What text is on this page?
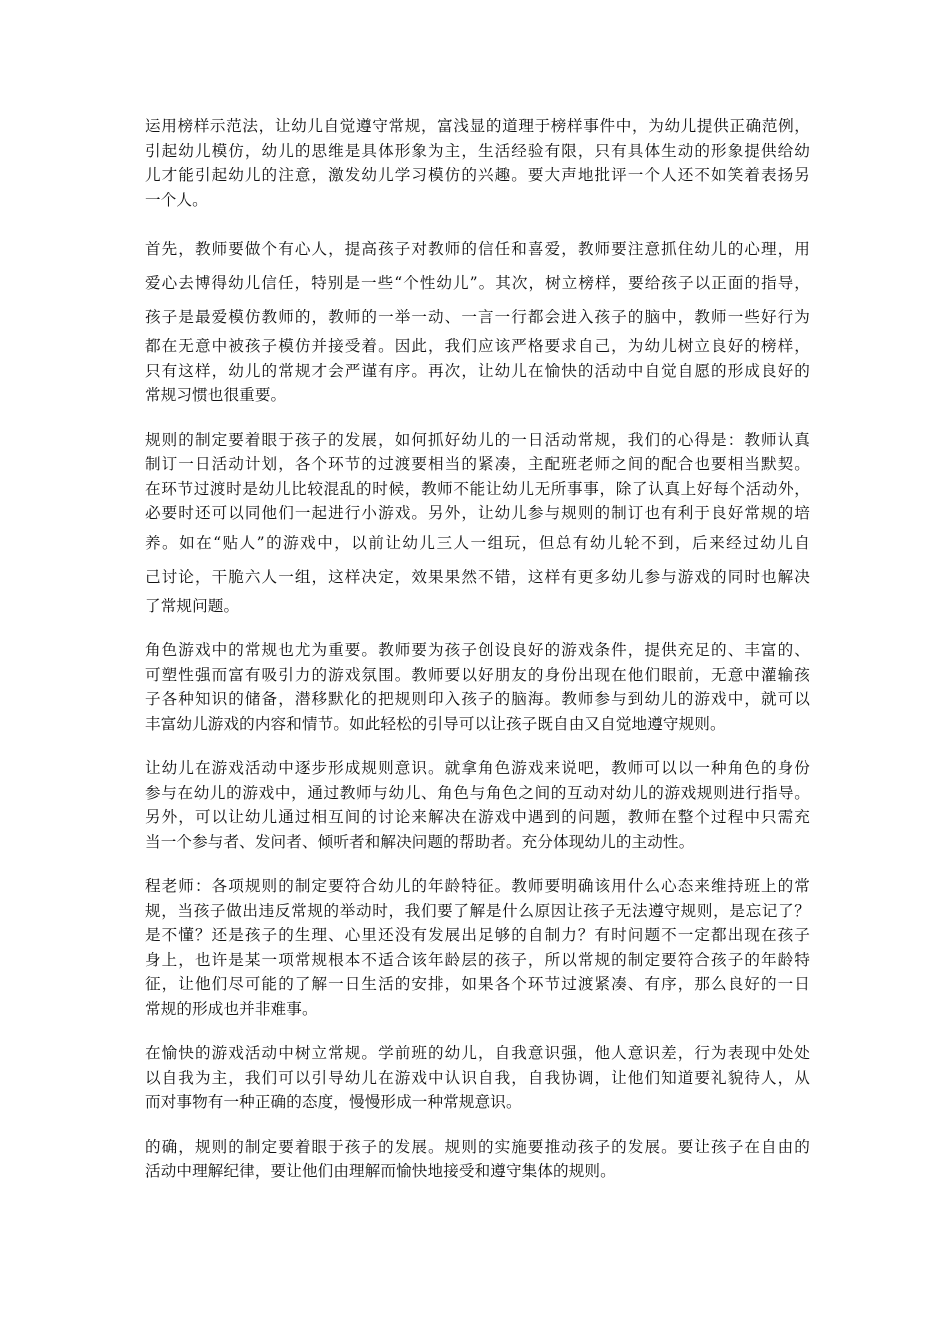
运用榜样示范法，让幼儿自觉遵守常规，富浅显的道理于榜样事件中，为幼儿提供正确范例，
引起幼儿模仿，幼儿的思维是具体形象为主，生活经验有限，只有具体生动的形象提供给幼
儿才能引起幼儿的注意，激发幼儿学习模仿的兴趣。要大声地批评一个人还不如笑着表扬另
一个人。

首先，教师要做个有心人，提高孩子对教师的信任和喜爱，教师要注意抓住幼儿的心理，用
爱心去博得幼儿信任，特别是一些“个性幼儿”。其次，树立榜样，要给孩子以正面的指导，
孩子是最爱模仿教师的，教师的一举一动、一言一行都会进入孩子的脑中，教师一些好行为
都在无意中被孩子模仿并接受着。因此，我们应该严格要求自己，为幼儿树立良好的榜样，
只有这样，幼儿的常规才会严谨有序。再次，让幼儿在愉快的活动中自觉自愿的形成良好的
常规习惯也很重要。

规则的制定要着眼于孩子的发展，如何抓好幼儿的一日活动常规，我们的心得是：教师认真
制订一日活动计划，各个环节的过渡要相当的紧凑，主配班老师之间的配合也要相当默契。
在环节过渡时是幼儿比较混乱的时候，教师不能让幼儿无所事事，除了认真上好每个活动外，
必要时还可以同他们一起进行小游戏。另外，让幼儿参与规则的制订也有利于良好常规的培
养。如在“贴人”的游戏中，以前让幼儿三人一组玩，但总有幼儿轮不到，后来经过幼儿自
己讨论，干脆六人一组，这样决定，效果果然不错，这样有更多幼儿参与游戏的同时也解决
了常规问题。

角色游戏中的常规也尤为重要。教师要为孩子创设良好的游戏条件，提供充足的、丰富的、
可塑性强而富有吸引力的游戏氛围。教师要以好朋友的身份出现在他们眼前，无意中灌输孩
子各种知识的储备，潜移默化的把规则印入孩子的脑海。教师参与到幼儿的游戏中，就可以
丰富幼儿游戏的内容和情节。如此轻松的引导可以让孩子既自由又自觉地遵守规则。

让幼儿在游戏活动中逐步形成规则意识。就拿角色游戏来说吧，教师可以以一种角色的身份
参与在幼儿的游戏中，通过教师与幼儿、角色与角色之间的互动对幼儿的游戏规则进行指导。
另外，可以让幼儿通过相互间的讨论来解决在游戏中遇到的问题，教师在整个过程中只需充
当一个参与者、发问者、倾听者和解决问题的帮助者。充分体现幼儿的主动性。

程老师：各项规则的制定要符合幼儿的年龄特征。教师要明确该用什么心态来维持班上的常
规，当孩子做出违反常规的举动时，我们要了解是什么原因让孩子无法遵守规则，是忘记了？
是不懂？还是孩子的生理、心里还没有发展出足够的自制力？有时问题不一定都出现在孩子
身上，也许是某一项常规根本不适合该年龄层的孩子，所以常规的制定要符合孩子的年龄特
征，让他们尽可能的了解一日生活的安排，如果各个环节过渡紧凑、有序，那么良好的一日
常规的形成也并非难事。

在愉快的游戏活动中树立常规。学前班的幼儿，自我意识强，他人意识差，行为表现中处处
以自我为主，我们可以引导幼儿在游戏中认识自我，自我协调，让他们知道要礼貌待人，从
而对事物有一种正确的态度，慢慢形成一种常规意识。

的确，规则的制定要着眼于孩子的发展。规则的实施要推动孩子的发展。要让孩子在自由的
活动中理解纪律，要让他们由理解而愉快地接受和遵守集体的规则。
